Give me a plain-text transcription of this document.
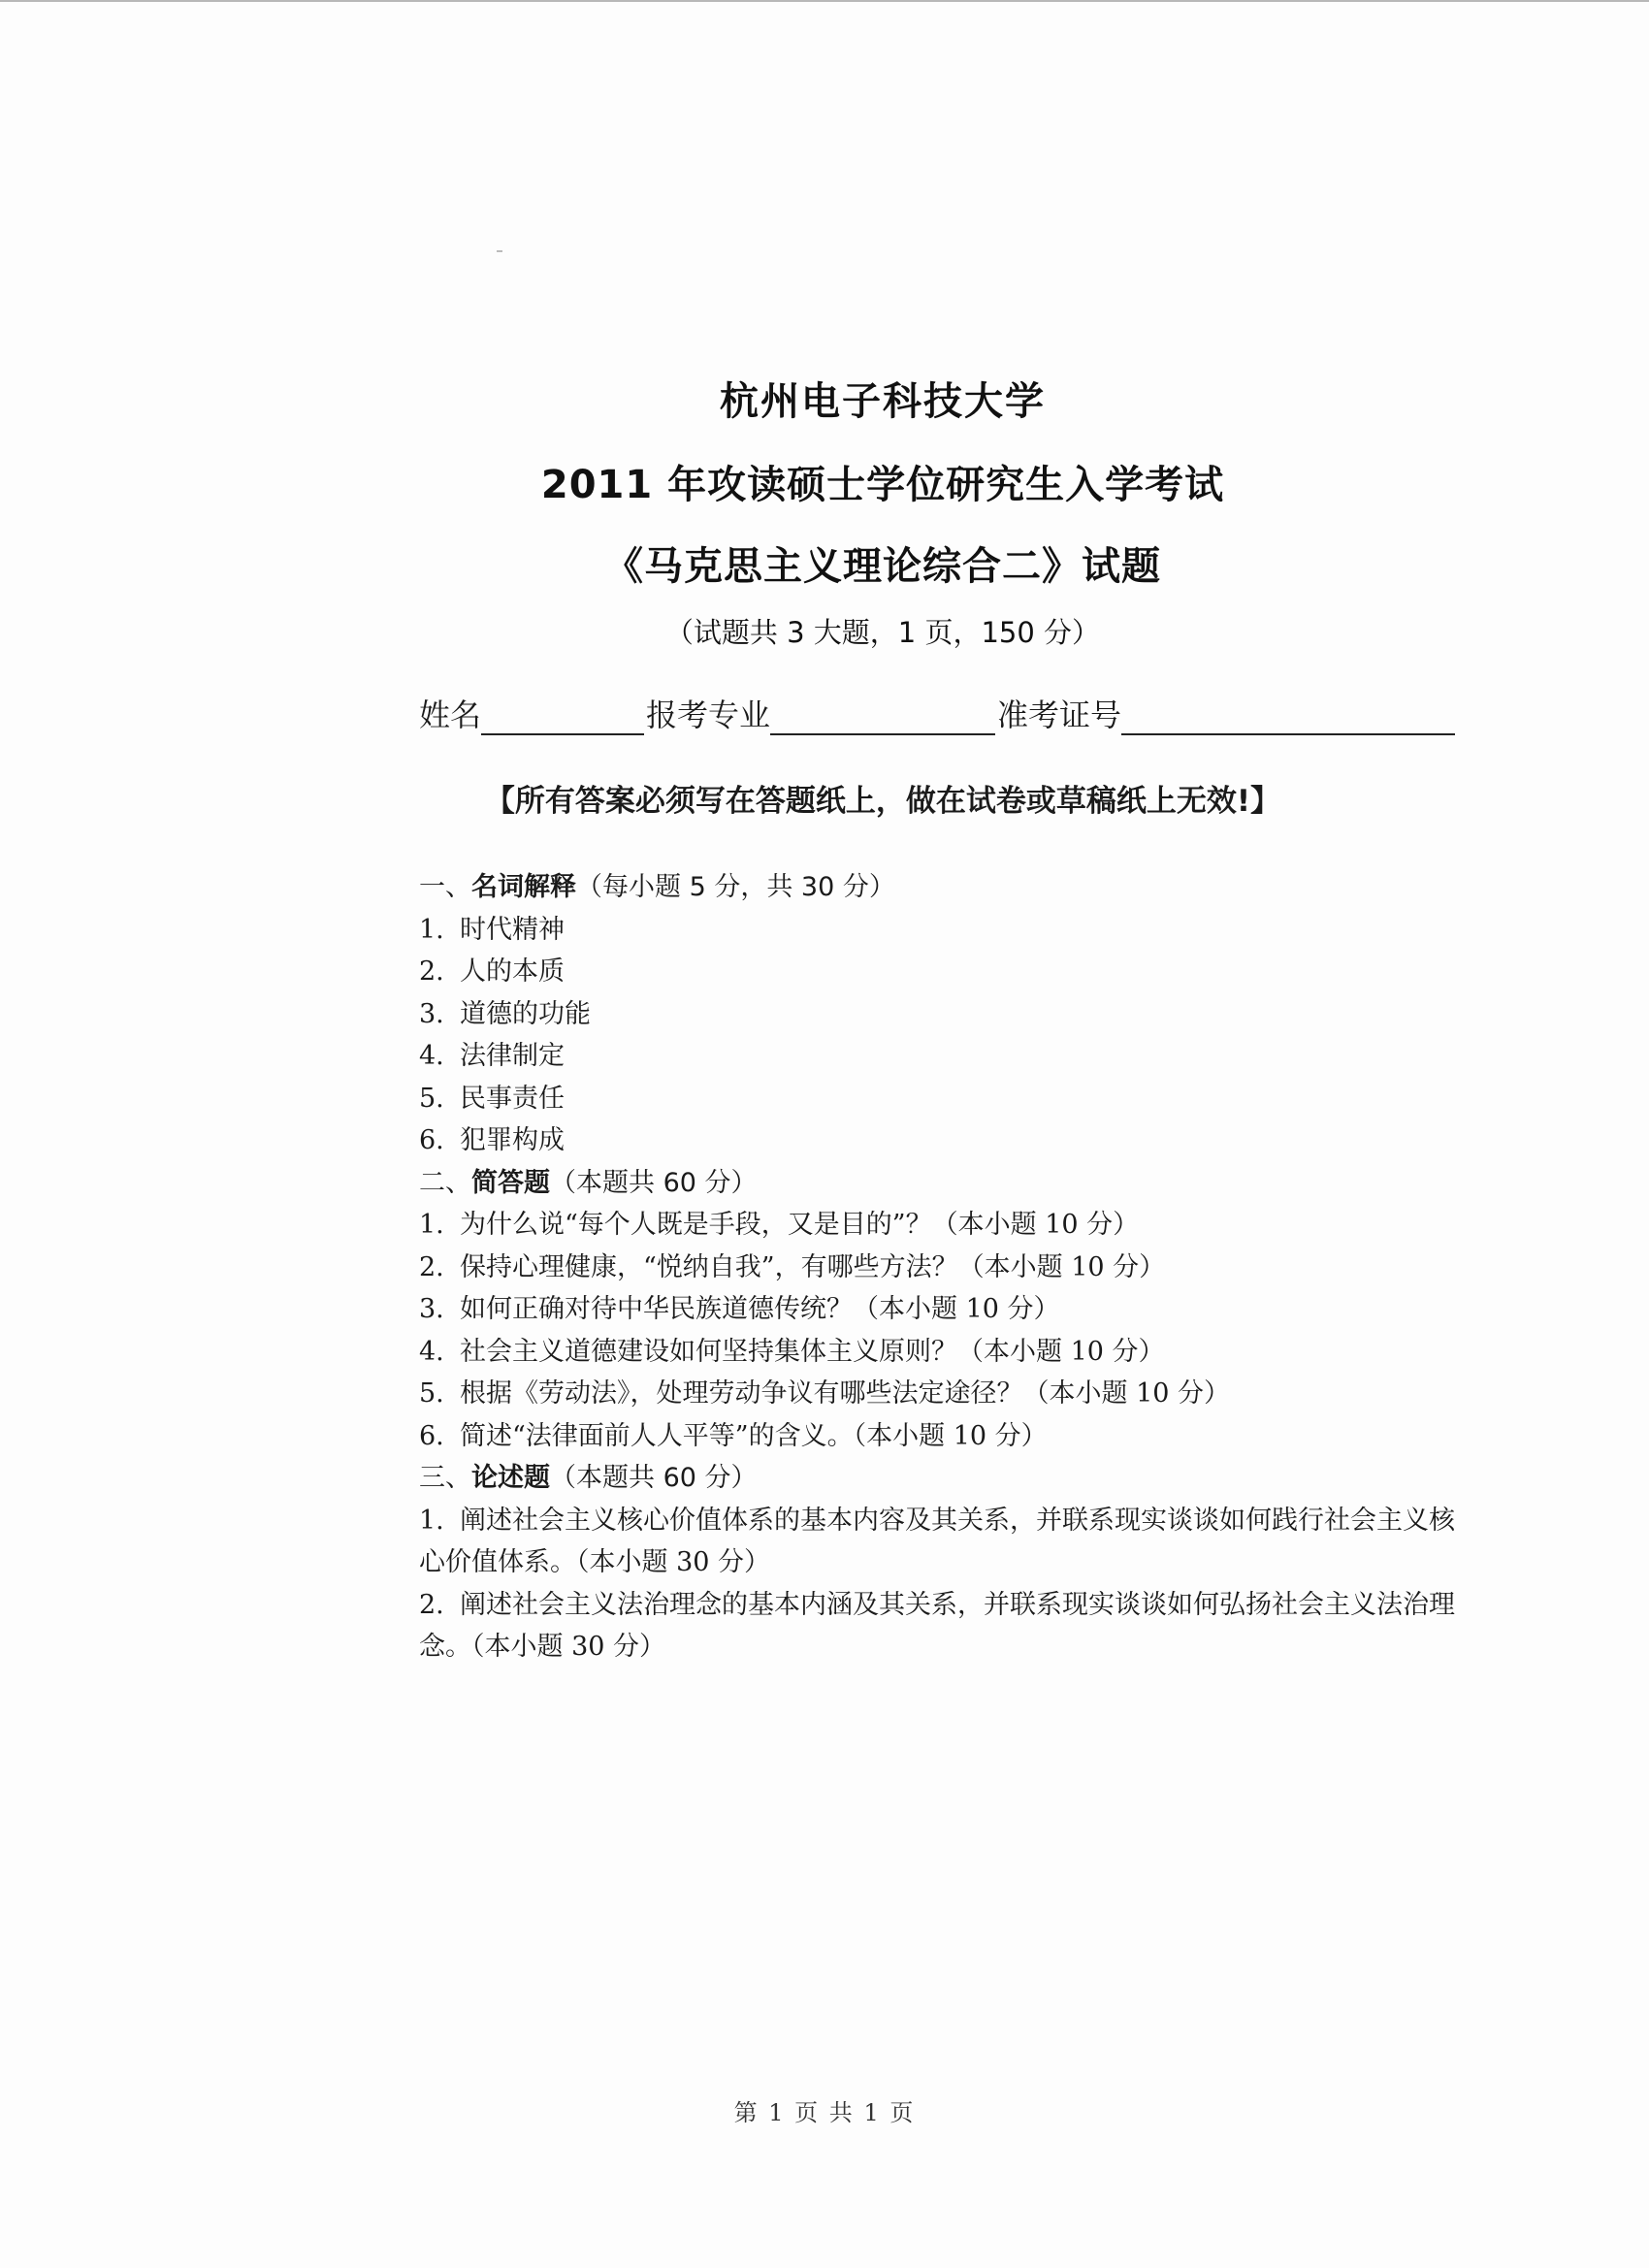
杭州电子科技大学
2011 年攻读硕士学位研究生入学考试
《马克思主义理论综合二》试题
（试题共 3 大题，1 页，150 分）
姓名	报考专业	准考证号
【所有答案必须写在答题纸上，做在试卷或草稿纸上无效!】
一、名词解释（每小题 5 分，共 30 分）
1. 时代精神
2. 人的本质
3. 道德的功能
4. 法律制定
5. 民事责任
6. 犯罪构成
二、简答题（本题共 60 分）
1. 为什么说“每个人既是手段，又是目的”？（本小题 10 分）
2. 保持心理健康，“悦纳自我”，有哪些方法？（本小题 10 分）
3. 如何正确对待中华民族道德传统？（本小题 10 分）
4. 社会主义道德建设如何坚持集体主义原则？（本小题 10 分）
5. 根据《劳动法》，处理劳动争议有哪些法定途径？（本小题 10 分）
6. 简述“法律面前人人平等”的含义。（本小题 10 分）
三、论述题（本题共 60 分）
1. 阐述社会主义核心价值体系的基本内容及其关系，并联系现实谈谈如何践行社会主义核心价值体系。（本小题 30 分）
2. 阐述社会主义法治理念的基本内涵及其关系，并联系现实谈谈如何弘扬社会主义法治理念。（本小题 30 分）
第 1 页 共 1 页
